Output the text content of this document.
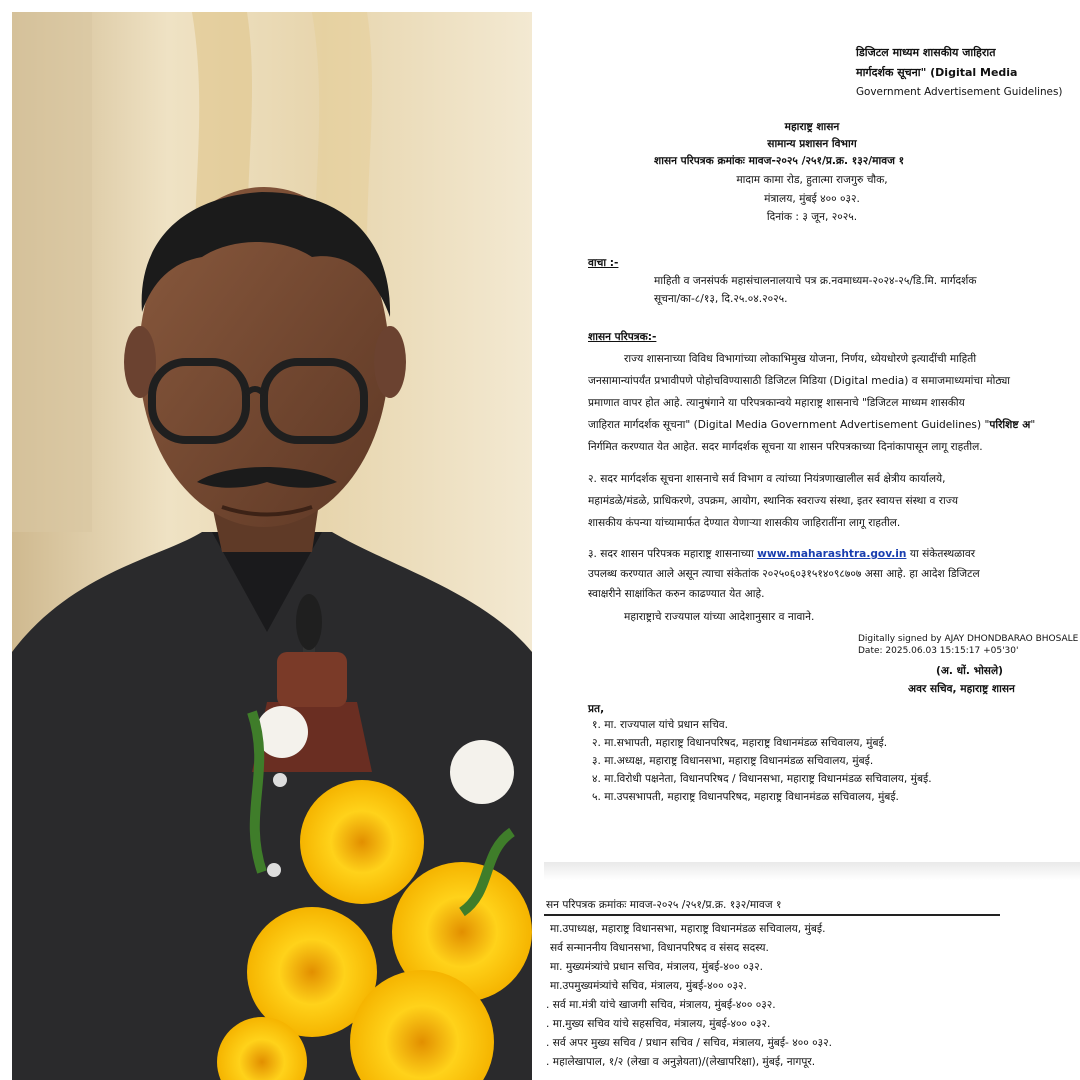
डिजिटल माध्यम शासकीय जाहिरात
मार्गदर्शक सूचना" (Digital Media
Government Advertisement Guidelines)
महाराष्ट्र शासन
सामान्य प्रशासन विभाग
शासन परिपत्रक क्रमांकः मावज-२०२५ /२५१/प्र.क्र. १३२/मावज १
मादाम कामा रोड, हुतात्मा राजगुरु चौक,
मंत्रालय, मुंबई ४०० ०३२.
दिनांक : ३ जून, २०२५.
वाचा :-
माहिती व जनसंपर्क महासंचालनालयाचे पत्र क्र.नवमाध्यम-२०२४-२५/डि.मि. मार्गदर्शक
सूचना/का-८/१३, दि.२५.०४.२०२५.
शासन परिपत्रक:-
राज्य शासनाच्या विविध विभागांच्या लोकाभिमुख योजना, निर्णय, ध्येयधोरणे इत्यादींची माहिती
जनसामान्यांपर्यंत प्रभावीपणे पोहोचविण्यासाठी डिजिटल मिडिया (Digital media) व समाजमाध्यमांचा मोठ्या
प्रमाणात वापर होत आहे. त्यानुषंगाने या परिपत्रकान्वये महाराष्ट्र शासनाचे "डिजिटल माध्यम शासकीय
जाहिरात मार्गदर्शक सूचना" (Digital Media Government Advertisement Guidelines) "परिशिष्ट अ"
निर्गमित करण्यात येत आहेत. सदर मार्गदर्शक सूचना या शासन परिपत्रकाच्या दिनांकापासून लागू राहतील.
२. सदर मार्गदर्शक सूचना शासनाचे सर्व विभाग व त्यांच्या नियंत्रणाखालील सर्व क्षेत्रीय कार्यालये,
महामंडळे/मंडळे, प्राधिकरणे, उपक्रम, आयोग, स्थानिक स्वराज्य संस्था, इतर स्वायत्त संस्था व राज्य
शासकीय कंपन्या यांच्यामार्फत देण्यात येणाऱ्या शासकीय जाहिरातींना लागू राहतील.
३. सदर शासन परिपत्रक महाराष्ट्र शासनाच्या www.maharashtra.gov.in या संकेतस्थळावर
उपलब्ध करण्यात आले असून त्याचा संकेतांक २०२५०६०३१५१४०९८७०७ असा आहे. हा आदेश डिजिटल
स्वाक्षरीने साक्षांकित करुन काढण्यात येत आहे.
महाराष्ट्राचे राज्यपाल यांच्या आदेशानुसार व नावाने.
Digitally signed by AJAY DHONDBARAO BHOSALE
Date: 2025.06.03 15:15:17 +05'30'
(अ. धों. भोसले)
अवर सचिव, महाराष्ट्र शासन
प्रत,
१. मा. राज्यपाल यांचे प्रधान सचिव.
२. मा.सभापती, महाराष्ट्र विधानपरिषद, महाराष्ट्र विधानमंडळ सचिवालय, मुंबई.
३. मा.अध्यक्ष, महाराष्ट्र विधानसभा, महाराष्ट्र विधानमंडळ सचिवालय, मुंबई.
४. मा.विरोधी पक्षनेता, विधानपरिषद / विधानसभा, महाराष्ट्र विधानमंडळ सचिवालय, मुंबई.
५. मा.उपसभापती, महाराष्ट्र विधानपरिषद, महाराष्ट्र विधानमंडळ सचिवालय, मुंबई.
सन परिपत्रक क्रमांकः मावज-२०२५ /२५१/प्र.क्र. १३२/मावज १
मा.उपाध्यक्ष, महाराष्ट्र विधानसभा, महाराष्ट्र विधानमंडळ सचिवालय, मुंबई.
सर्व सन्माननीय विधानसभा, विधानपरिषद व संसद सदस्य.
मा. मुख्यमंत्र्यांचे प्रधान सचिव, मंत्रालय, मुंबई-४०० ०३२.
मा.उपमुख्यमंत्र्यांचे सचिव, मंत्रालय, मुंबई-४०० ०३२.
. सर्व मा.मंत्री यांचे खाजगी सचिव, मंत्रालय, मुंबई-४०० ०३२.
. मा.मुख्य सचिव यांचे सहसचिव, मंत्रालय, मुंबई-४०० ०३२.
. सर्व अपर मुख्य सचिव / प्रधान सचिव / सचिव, मंत्रालय, मुंबई- ४०० ०३२.
. महालेखापाल, १/२ (लेखा व अनुज्ञेयता)/(लेखापरिक्षा), मुंबई, नागपूर.
